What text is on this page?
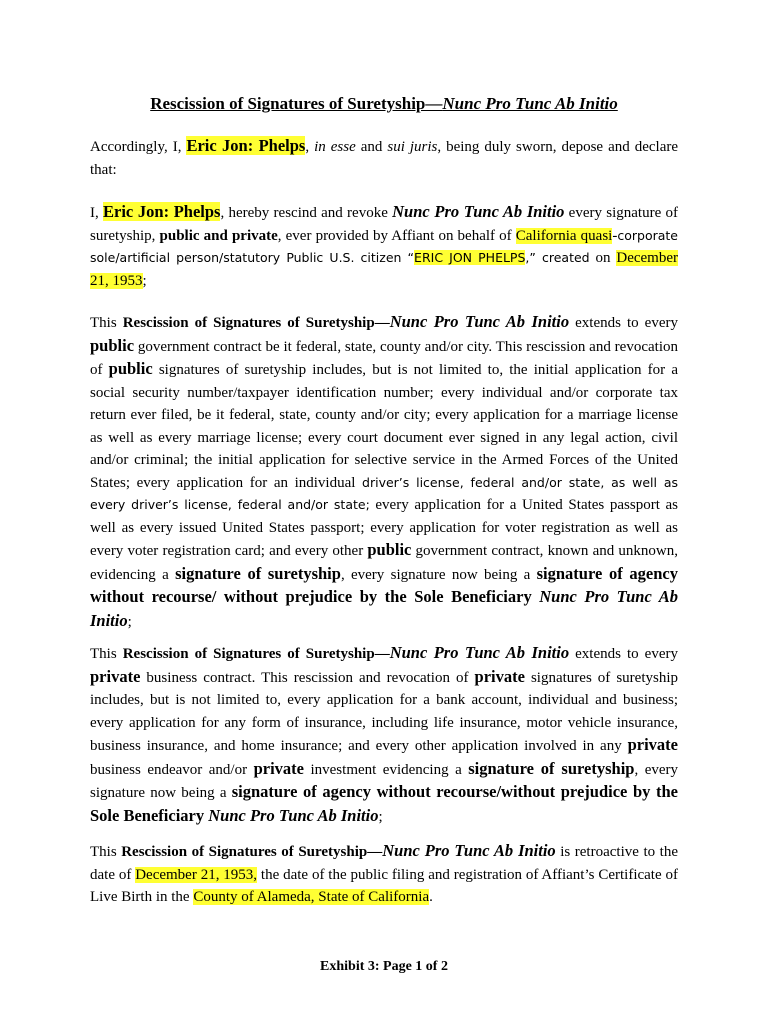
Rescission of Signatures of Suretyship—Nunc Pro Tunc Ab Initio
Accordingly, I, Eric Jon: Phelps, in esse and sui juris, being duly sworn, depose and declare that:
I, Eric Jon: Phelps, hereby rescind and revoke Nunc Pro Tunc Ab Initio every signature of suretyship, public and private, ever provided by Affiant on behalf of California quasi-corporate sole/artificial person/statutory Public U.S. citizen “ERIC JON PHELPS,” created on December 21, 1953;
This Rescission of Signatures of Suretyship—Nunc Pro Tunc Ab Initio extends to every public government contract be it federal, state, county and/or city. This rescission and revocation of public signatures of suretyship includes, but is not limited to, the initial application for a social security number/taxpayer identification number; every individual and/or corporate tax return ever filed, be it federal, state, county and/or city; every application for a marriage license as well as every marriage license; every court document ever signed in any legal action, civil and/or criminal; the initial application for selective service in the Armed Forces of the United States; every application for an individual driver’s license, federal and/or state, as well as every driver’s license, federal and/or state; every application for a United States passport as well as every issued United States passport; every application for voter registration as well as every voter registration card; and every other public government contract, known and unknown, evidencing a signature of suretyship, every signature now being a signature of agency without recourse/ without prejudice by the Sole Beneficiary Nunc Pro Tunc Ab Initio;
This Rescission of Signatures of Suretyship—Nunc Pro Tunc Ab Initio extends to every private business contract. This rescission and revocation of private signatures of suretyship includes, but is not limited to, every application for a bank account, individual and business; every application for any form of insurance, including life insurance, motor vehicle insurance, business insurance, and home insurance; and every other application involved in any private business endeavor and/or private investment evidencing a signature of suretyship, every signature now being a signature of agency without recourse/without prejudice by the Sole Beneficiary Nunc Pro Tunc Ab Initio;
This Rescission of Signatures of Suretyship—Nunc Pro Tunc Ab Initio is retroactive to the date of December 21, 1953, the date of the public filing and registration of Affiant’s Certificate of Live Birth in the County of Alameda, State of California.
Exhibit 3: Page 1 of 2
